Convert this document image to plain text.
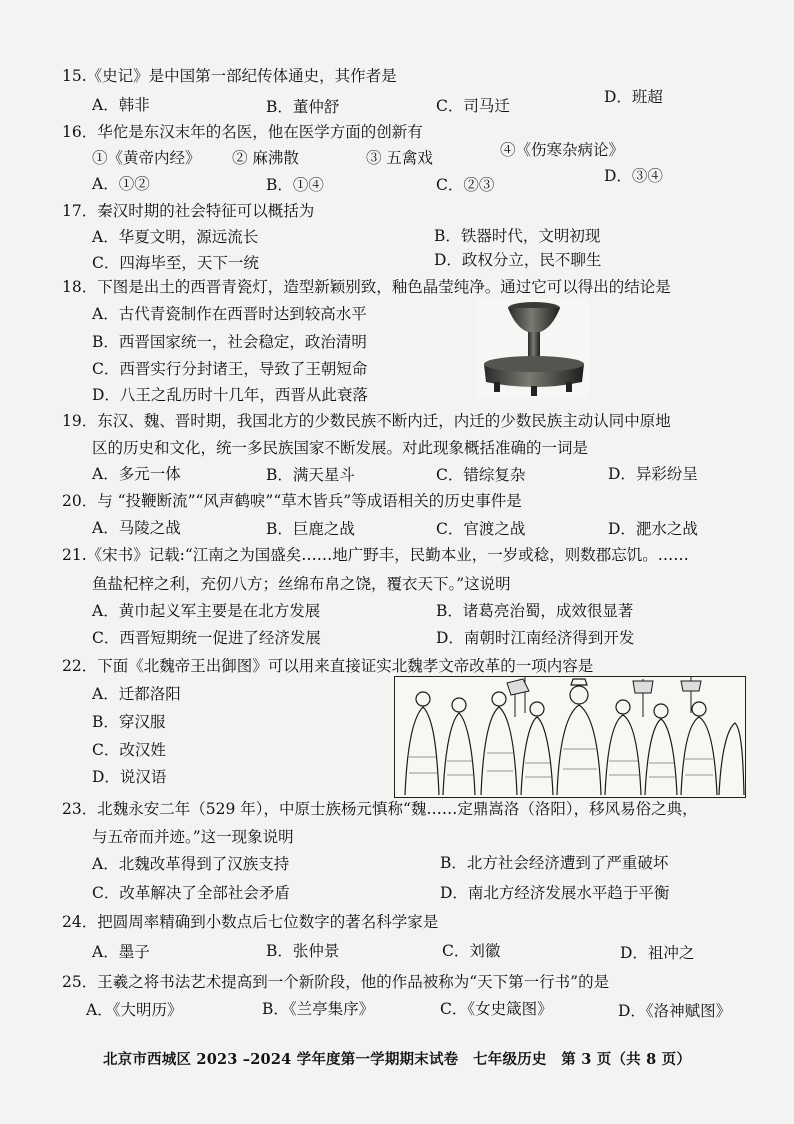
15.《史记》是中国第一部纪传体通史，其作者是
A．韩非	B．董仲舒	C．司马迁	D．班超
16．华佗是东汉末年的名医，他在医学方面的创新有
①《黄帝内经》 ② 麻沸散	③ 五禽戏	④《伤寒杂病论》
A．①②	B．①④	C．②③	D．③④
17．秦汉时期的社会特征可以概括为
A．华夏文明，源远流长	B．铁器时代，文明初现
C．四海毕至，天下一统	D．政权分立，民不聊生
18．下图是出土的西晋青瓷灯，造型新颖别致，釉色晶莹纯净。通过它可以得出的结论是
A．古代青瓷制作在西晋时达到较高水平
B．西晋国家统一，社会稳定，政治清明
C．西晋实行分封诸王，导致了王朝短命
D．八王之乱历时十几年，西晋从此衰落
19．东汉、魏、晋时期，我国北方的少数民族不断内迁，内迁的少数民族主动认同中原地
区的历史和文化，统一多民族国家不断发展。对此现象概括准确的一词是
A．多元一体	B．满天星斗	C．错综复杂	D．异彩纷呈
20．与 “投鞭断流”“风声鹤唳”“草木皆兵”等成语相关的历史事件是
A．马陵之战	B．巨鹿之战	C．官渡之战	D．淝水之战
21.《宋书》记载:“江南之为国盛矣……地广野丰，民勤本业，一岁或稔，则数郡忘饥。……
鱼盐杞梓之利，充仞八方；丝绵布帛之饶，覆衣天下。”这说明
A．黄巾起义军主要是在北方发展	B．诸葛亮治蜀，成效很显著
C．西晋短期统一促进了经济发展	D．南朝时江南经济得到开发
22．下面《北魏帝王出御图》可以用来直接证实北魏孝文帝改革的一项内容是
A．迁都洛阳
B．穿汉服
C．改汉姓
D．说汉语
23．北魏永安二年（529 年），中原士族杨元慎称“魏……定鼎嵩洛（洛阳），移风易俗之典，
与五帝而并迹。”这一现象说明
A．北魏改革得到了汉族支持	B．北方社会经济遭到了严重破坏
C．改革解决了全部社会矛盾	D．南北方经济发展水平趋于平衡
24．把圆周率精确到小数点后七位数字的著名科学家是
A．墨子	B．张仲景	C．刘徽	D．祖冲之
25．王羲之将书法艺术提高到一个新阶段，他的作品被称为“天下第一行书”的是
A．《大明历》	B．《兰亭集序》	C．《女史箴图》	D．《洛神赋图》
北京市西城区 2023 –2024 学年度第一学期期末试卷　七年级历史　第 3 页（共 8 页）
